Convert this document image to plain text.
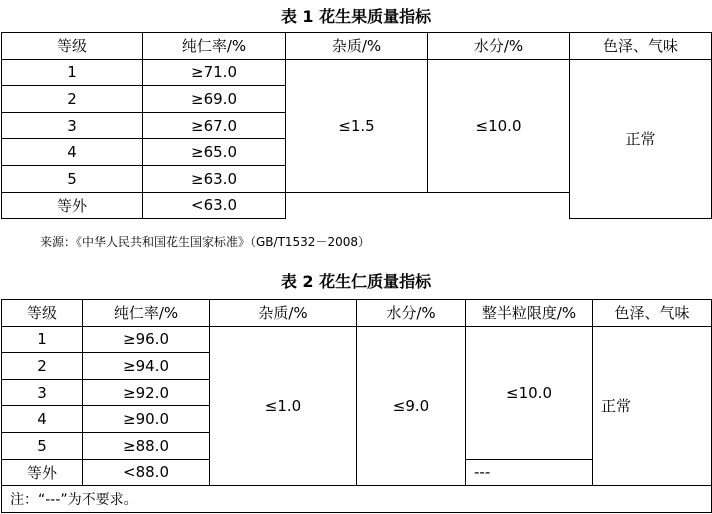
表 1 花生果质量指标
等级	纯仁率/%	杂质/%	水分/%	色泽、气味
1	≥71.0	≤1.5	≤10.0	正常
2	≥69.0			
3	≥67.0			
4	≥65.0			
5	≥63.0			
等外	<63.0			
来源：《中华人民共和国花生国家标准》（GB/T1532－2008）
表 2 花生仁质量指标
等级	纯仁率/%	杂质/%	水分/%	整半粒限度/%	色泽、气味
1	≥96.0	≤1.0	≤9.0	≤10.0	正常
2	≥94.0				
3	≥92.0				
4	≥90.0				
5	≥88.0				
等外	<88.0			---	
注：“---”为不要求。					
